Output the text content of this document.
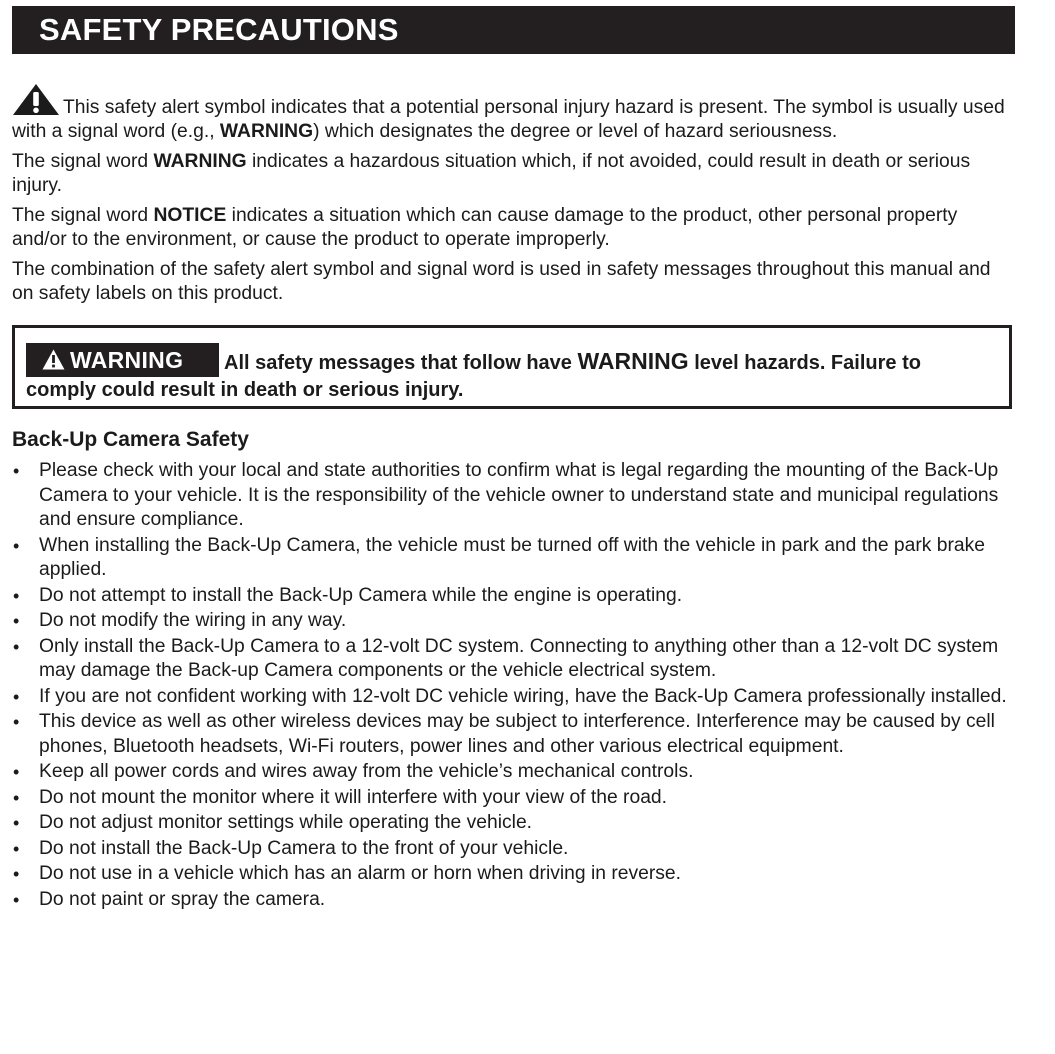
SAFETY PRECAUTIONS

This safety alert symbol indicates that a potential personal injury hazard is present. The symbol is usually used with a signal word (e.g., WARNING) which designates the degree or level of hazard seriousness.

The signal word WARNING indicates a hazardous situation which, if not avoided, could result in death or serious injury.

The signal word NOTICE indicates a situation which can cause damage to the product, other personal property and/or to the environment, or cause the product to operate improperly.

The combination of the safety alert symbol and signal word is used in safety messages throughout this manual and on safety labels on this product.

WARNING All safety messages that follow have WARNING level hazards. Failure to
comply could result in death or serious injury.
Back-Up Camera Safety
• Please check with your local and state authorities to confirm what is legal regarding the mounting of the Back-Up Camera to your vehicle. It is the responsibility of the vehicle owner to understand state and municipal regulations and ensure compliance.
• When installing the Back-Up Camera, the vehicle must be turned off with the vehicle in park and the park brake applied.
• Do not attempt to install the Back-Up Camera while the engine is operating.
• Do not modify the wiring in any way.
• Only install the Back-Up Camera to a 12-volt DC system. Connecting to anything other than a 12-volt DC system may damage the Back-up Camera components or the vehicle electrical system.
• If you are not confident working with 12-volt DC vehicle wiring, have the Back-Up Camera professionally installed.
• This device as well as other wireless devices may be subject to interference. Interference may be caused by cell phones, Bluetooth headsets, Wi-Fi routers, power lines and other various electrical equipment.
• Keep all power cords and wires away from the vehicle’s mechanical controls.
• Do not mount the monitor where it will interfere with your view of the road.
• Do not adjust monitor settings while operating the vehicle.
• Do not install the Back-Up Camera to the front of your vehicle.
• Do not use in a vehicle which has an alarm or horn when driving in reverse.
• Do not paint or spray the camera.
